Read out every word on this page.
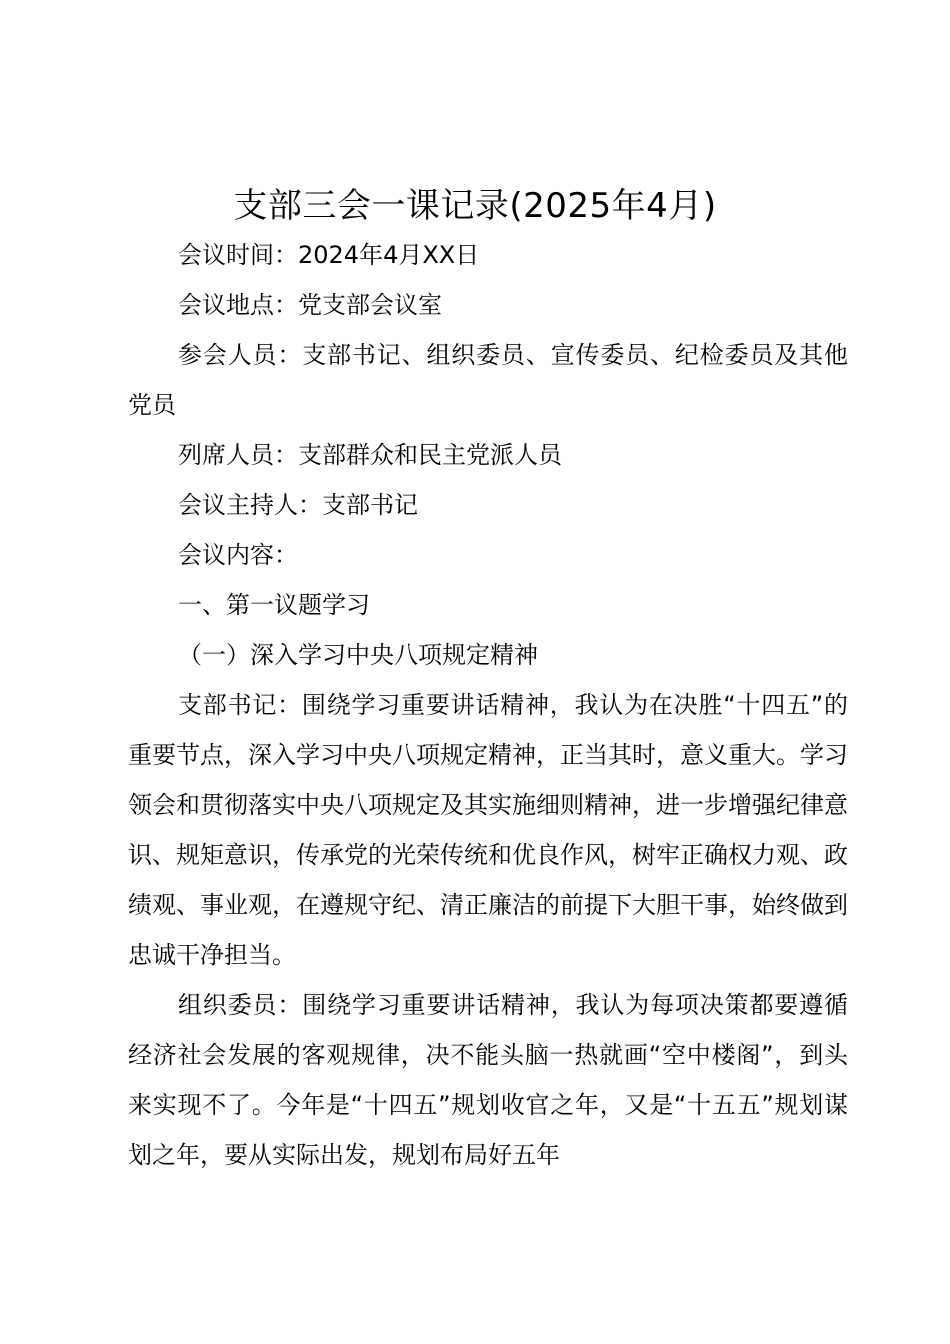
支部三会一课记录(2025年4月)

会议时间：2024年4月XX日

会议地点：党支部会议室

参会人员：支部书记、组织委员、宣传委员、纪检委员及其他党员

列席人员：支部群众和民主党派人员

会议主持人：支部书记

会议内容：

一、第一议题学习

（一）深入学习中央八项规定精神

支部书记：围绕学习重要讲话精神，我认为在决胜“十四五”的重要节点，深入学习中央八项规定精神，正当其时，意义重大。学习领会和贯彻落实中央八项规定及其实施细则精神，进一步增强纪律意识、规矩意识，传承党的光荣传统和优良作风，树牢正确权力观、政绩观、事业观，在遵规守纪、清正廉洁的前提下大胆干事，始终做到忠诚干净担当。

组织委员：围绕学习重要讲话精神，我认为每项决策都要遵循经济社会发展的客观规律，决不能头脑一热就画“空中楼阁”，到头来实现不了。今年是“十四五”规划收官之年，又是“十五五”规划谋划之年，要从实际出发，规划布局好五年
